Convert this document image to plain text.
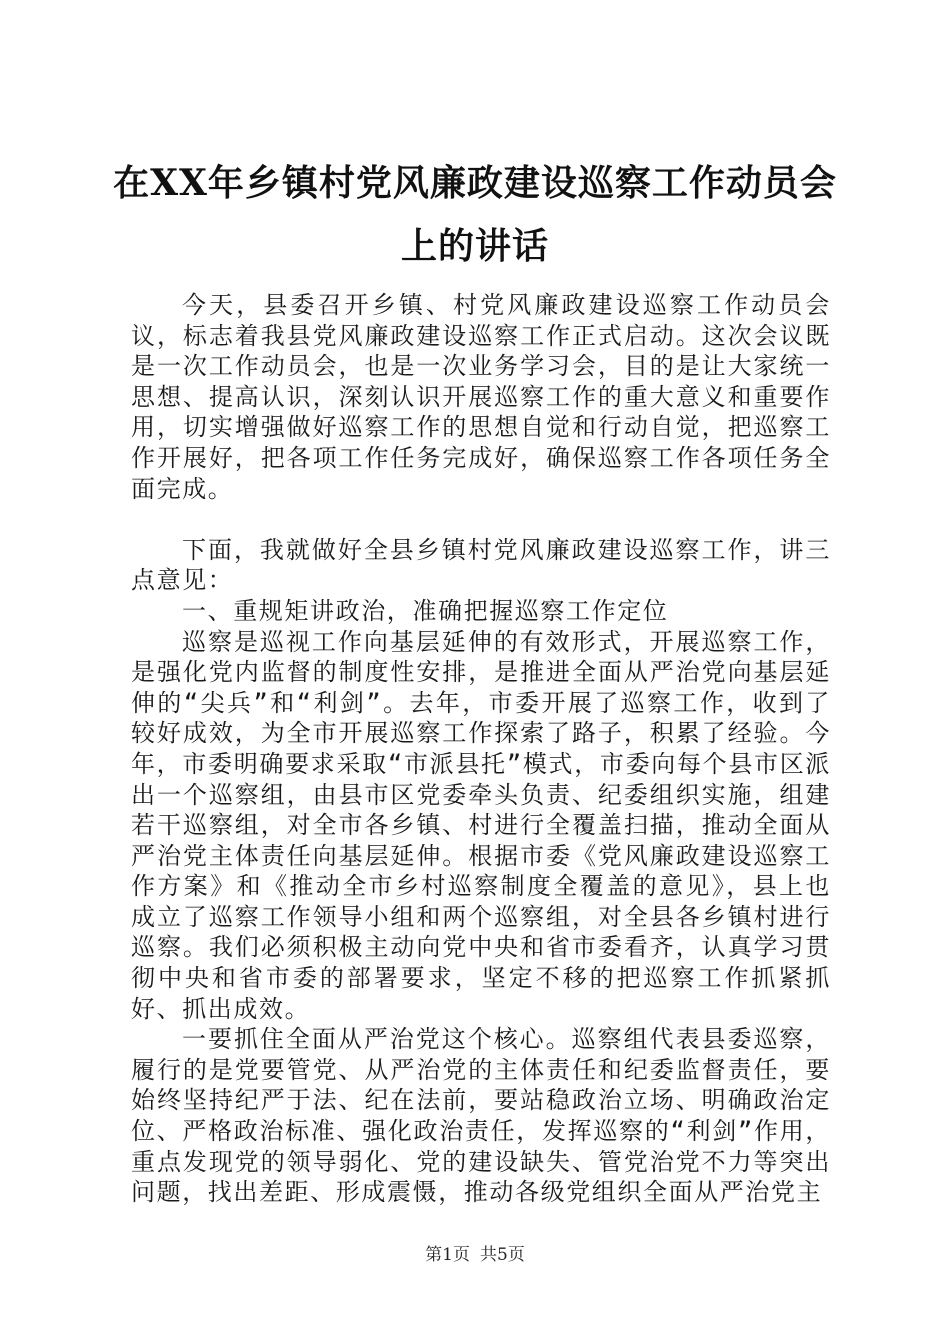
在XX年乡镇村党风廉政建设巡察工作动员会
上的讲话

今天，县委召开乡镇、村党风廉政建设巡察工作动员会议，标志着我县党风廉政建设巡察工作正式启动。这次会议既是一次工作动员会，也是一次业务学习会，目的是让大家统一思想、提高认识，深刻认识开展巡察工作的重大意义和重要作用，切实增强做好巡察工作的思想自觉和行动自觉，把巡察工作开展好，把各项工作任务完成好，确保巡察工作各项任务全面完成。

下面，我就做好全县乡镇村党风廉政建设巡察工作，讲三点意见：

一、重规矩讲政治，准确把握巡察工作定位

巡察是巡视工作向基层延伸的有效形式，开展巡察工作，是强化党内监督的制度性安排，是推进全面从严治党向基层延伸的“尖兵”和“利剑”。去年，市委开展了巡察工作，收到了较好成效，为全市开展巡察工作探索了路子，积累了经验。今年，市委明确要求采取“市派县托”模式，市委向每个县市区派出一个巡察组，由县市区党委牵头负责、纪委组织实施，组建若干巡察组，对全市各乡镇、村进行全覆盖扫描，推动全面从严治党主体责任向基层延伸。根据市委《党风廉政建设巡察工作方案》和《推动全市乡村巡察制度全覆盖的意见》，县上也成立了巡察工作领导小组和两个巡察组，对全县各乡镇村进行巡察。我们必须积极主动向党中央和省市委看齐，认真学习贯彻中央和省市委的部署要求，坚定不移的把巡察工作抓紧抓好、抓出成效。

一要抓住全面从严治党这个核心。巡察组代表县委巡察，履行的是党要管党、从严治党的主体责任和纪委监督责任，要始终坚持纪严于法、纪在法前，要站稳政治立场、明确政治定位、严格政治标准、强化政治责任，发挥巡察的“利剑”作用，重点发现党的领导弱化、党的建设缺失、管党治党不力等突出问题，找出差距、形成震慑，推动各级党组织全面从严治党主

第1页 共5页
